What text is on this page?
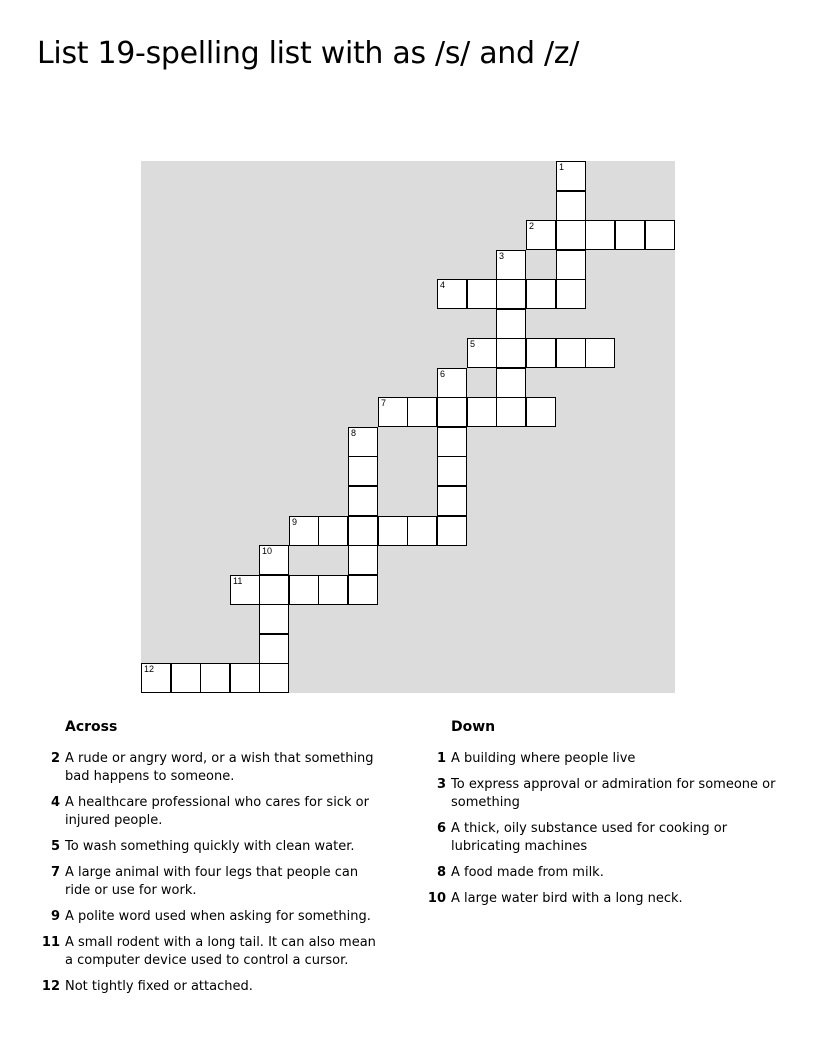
List 19-spelling list with as /s/ and /z/
1
2
3
4
5
6
7
8
9
10
11
12
Across
2 A rude or angry word, or a wish that something bad happens to someone.
4 A healthcare professional who cares for sick or injured people.
5 To wash something quickly with clean water.
7 A large animal with four legs that people can ride or use for work.
9 A polite word used when asking for something.
11 A small rodent with a long tail. It can also mean a computer device used to control a cursor.
12 Not tightly fixed or attached.
Down
1 A building where people live
3 To express approval or admiration for someone or something
6 A thick, oily substance used for cooking or lubricating machines
8 A food made from milk.
10 A large water bird with a long neck.
